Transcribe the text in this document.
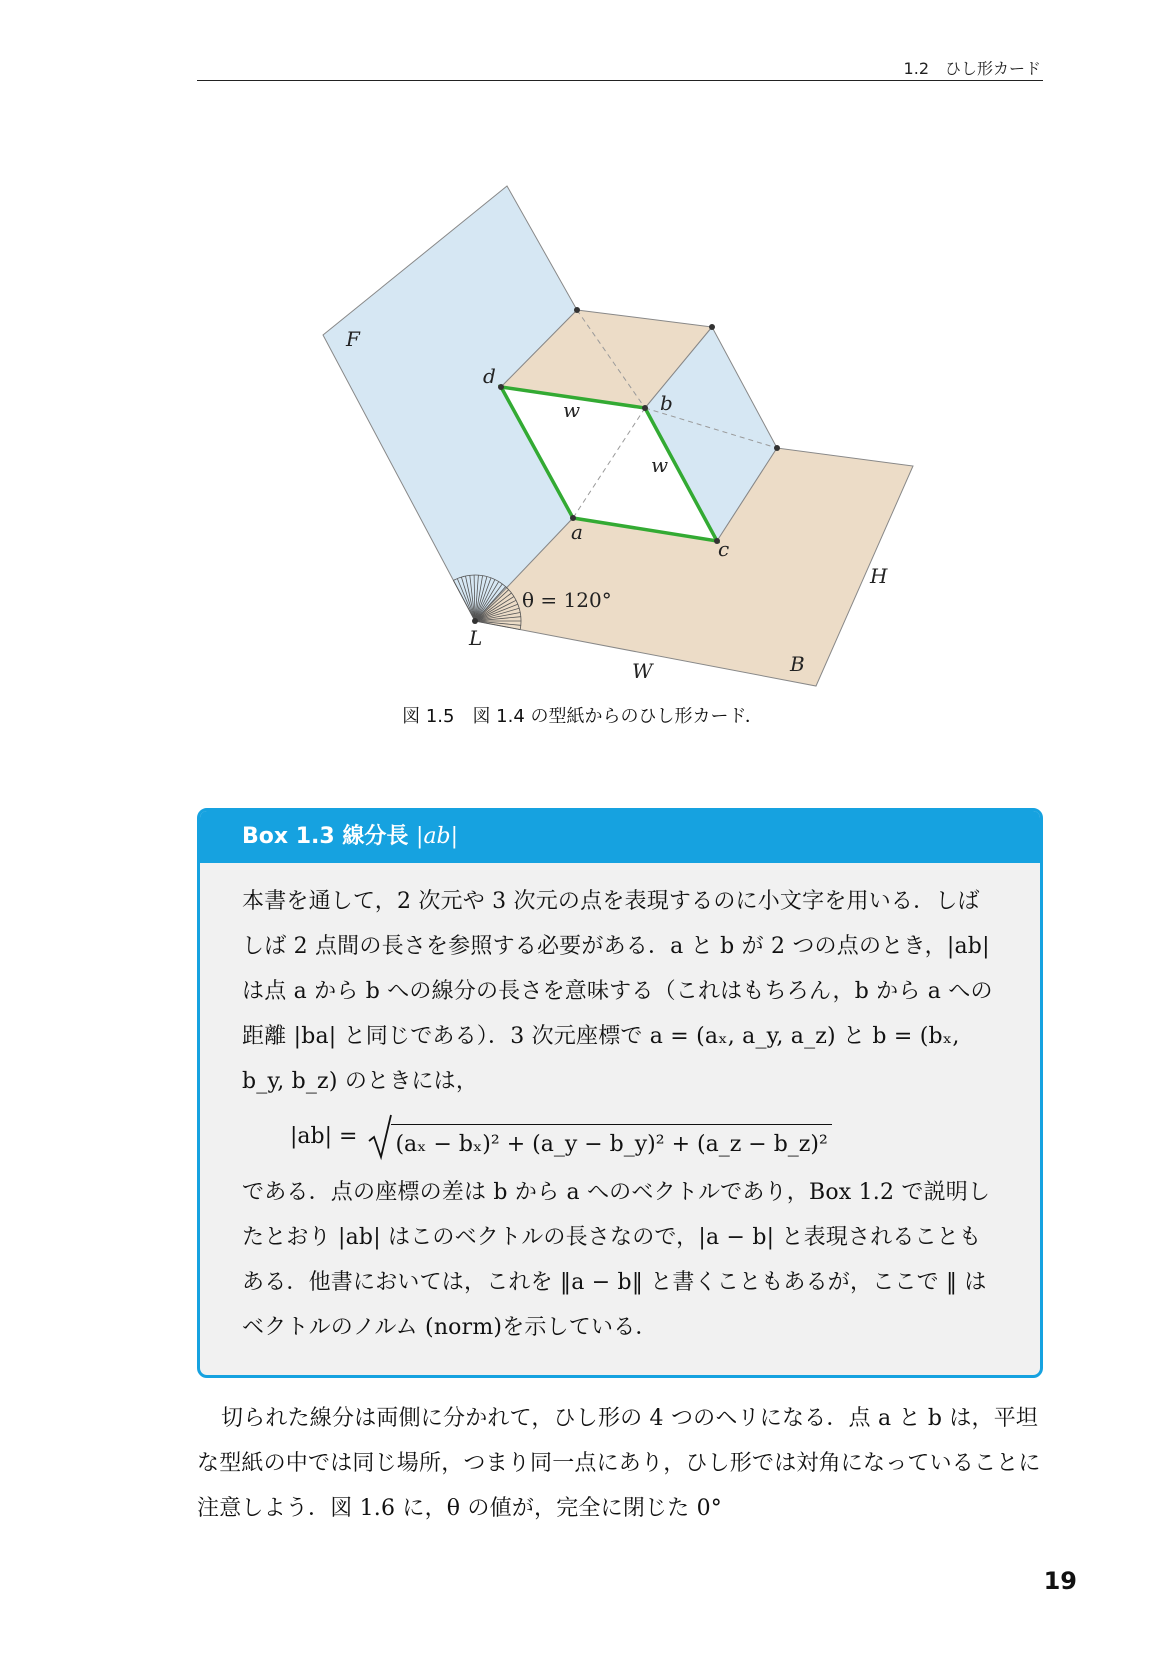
1.2　ひし形カード
F
d
b
w
w
a
c
H
θ = 120°
L
W	B
図 1.5　図 1.4 の型紙からのひし形カード．
Box 1.3 線分長 |ab|

本書を通して，2 次元や 3 次元の点を表現するのに小文字を用いる．しばしば 2 点間の長さを参照する必要がある．a と b が 2 つの点のとき，|ab| は点 a から b への線分の長さを意味する（これはもちろん，b から a への距離 |ba| と同じである）．3 次元座標で a = (aₓ, a_y, a_z) と b = (bₓ, b_y, b_z) のときには，

|ab| =	(aₓ − bₓ)² + (a_y − b_y)² + (a_z − b_z)²

である．点の座標の差は b から a へのベクトルであり，Box 1.2 で説明したとおり |ab| はこのベクトルの長さなので，|a − b| と表現されることもある．他書においては，これを ‖a − b‖ と書くこともあるが，ここで ‖ はベクトルのノルム (norm)を示している．

切られた線分は両側に分かれて，ひし形の 4 つのヘリになる．点 a と b は，平坦な型紙の中では同じ場所，つまり同一点にあり，ひし形では対角になっていることに注意しよう．図 1.6 に，θ の値が，完全に閉じた 0°

19
